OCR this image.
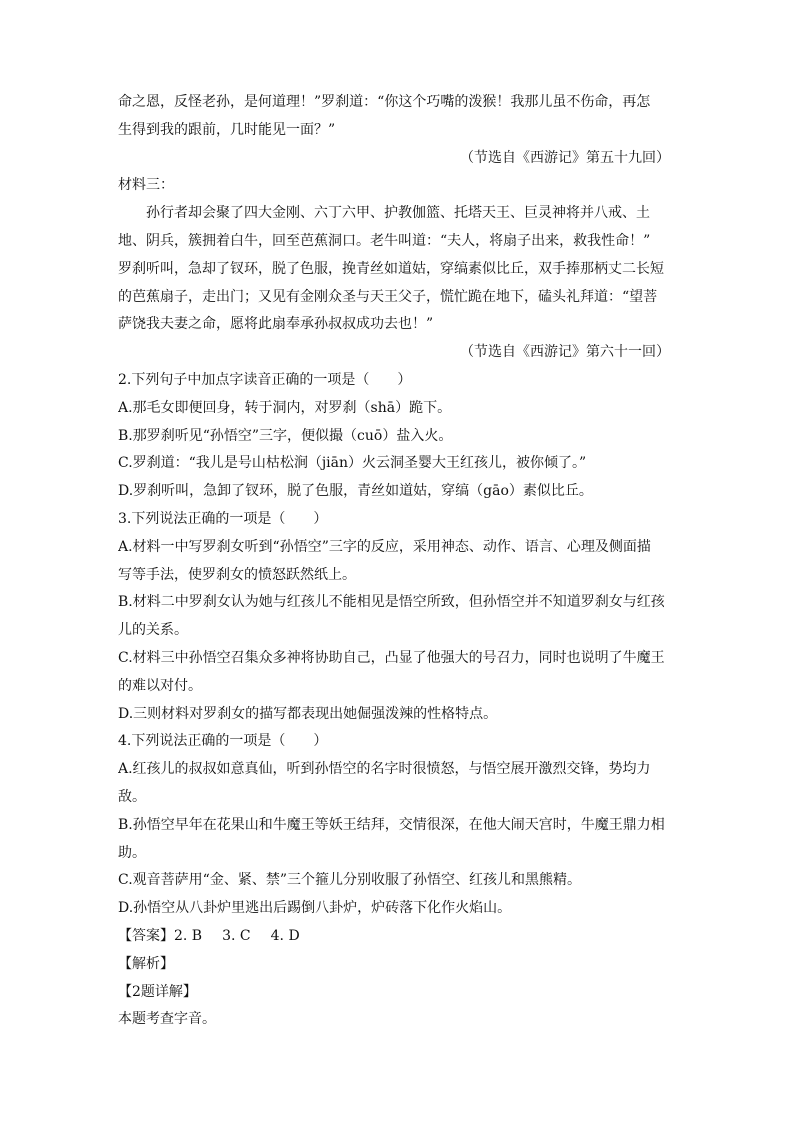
命之恩，反怪老孙，是何道理！”罗刹道：“你这个巧嘴的泼猴！我那儿虽不伤命，再怎
生得到我的跟前，几时能见一面？”
（节选自《西游记》第五十九回）
材料三：
孙行者却会聚了四大金刚、六丁六甲、护教伽篮、托塔天王、巨灵神将并八戒、土
地、阴兵，簇拥着白牛，回至芭蕉洞口。老牛叫道：“夫人，将扇子出来，救我性命！”
罗刹听叫，急却了钗环，脱了色服，挽青丝如道姑，穿缟素似比丘，双手捧那柄丈二长短
的芭蕉扇子，走出门；又见有金刚众圣与天王父子，慌忙跪在地下，磕头礼拜道：“望菩
萨饶我夫妻之命，愿将此扇奉承孙叔叔成功去也！”
（节选自《西游记》第六十一回）
2.下列句子中加点字读音正确的一项是（　　）
A.那毛女即便回身，转于洞内，对罗刹（shā）跪下。
B.那罗刹听见“孙悟空”三字，便似撮（cuō）盐入火。
C.罗刹道：“我儿是号山枯松涧（jiān）火云洞圣婴大王红孩儿，被你倾了。”
D.罗刹听叫，急卸了钗环，脱了色服，青丝如道姑，穿缟（gāo）素似比丘。
3.下列说法正确的一项是（　　）
A.材料一中写罗刹女听到“孙悟空”三字的反应，采用神态、动作、语言、心理及侧面描
写等手法，使罗刹女的愤怒跃然纸上。
B.材料二中罗刹女认为她与红孩儿不能相见是悟空所致，但孙悟空并不知道罗刹女与红孩
儿的关系。
C.材料三中孙悟空召集众多神将协助自己，凸显了他强大的号召力，同时也说明了牛魔王
的难以对付。
D.三则材料对罗刹女的描写都表现出她倔强泼辣的性格特点。
4.下列说法正确的一项是（　　）
A.红孩儿的叔叔如意真仙，听到孙悟空的名字时很愤怒，与悟空展开激烈交锋，势均力
敌。
B.孙悟空早年在花果山和牛魔王等妖王结拜，交情很深，在他大闹天宫时，牛魔王鼎力相
助。
C.观音菩萨用“金、紧、禁”三个箍儿分别收服了孙悟空、红孩儿和黑熊精。
D.孙悟空从八卦炉里逃出后踢倒八卦炉，炉砖落下化作火焰山。
【答案】2. B 3. C 4. D
【解析】
【2题详解】
本题考查字音。
